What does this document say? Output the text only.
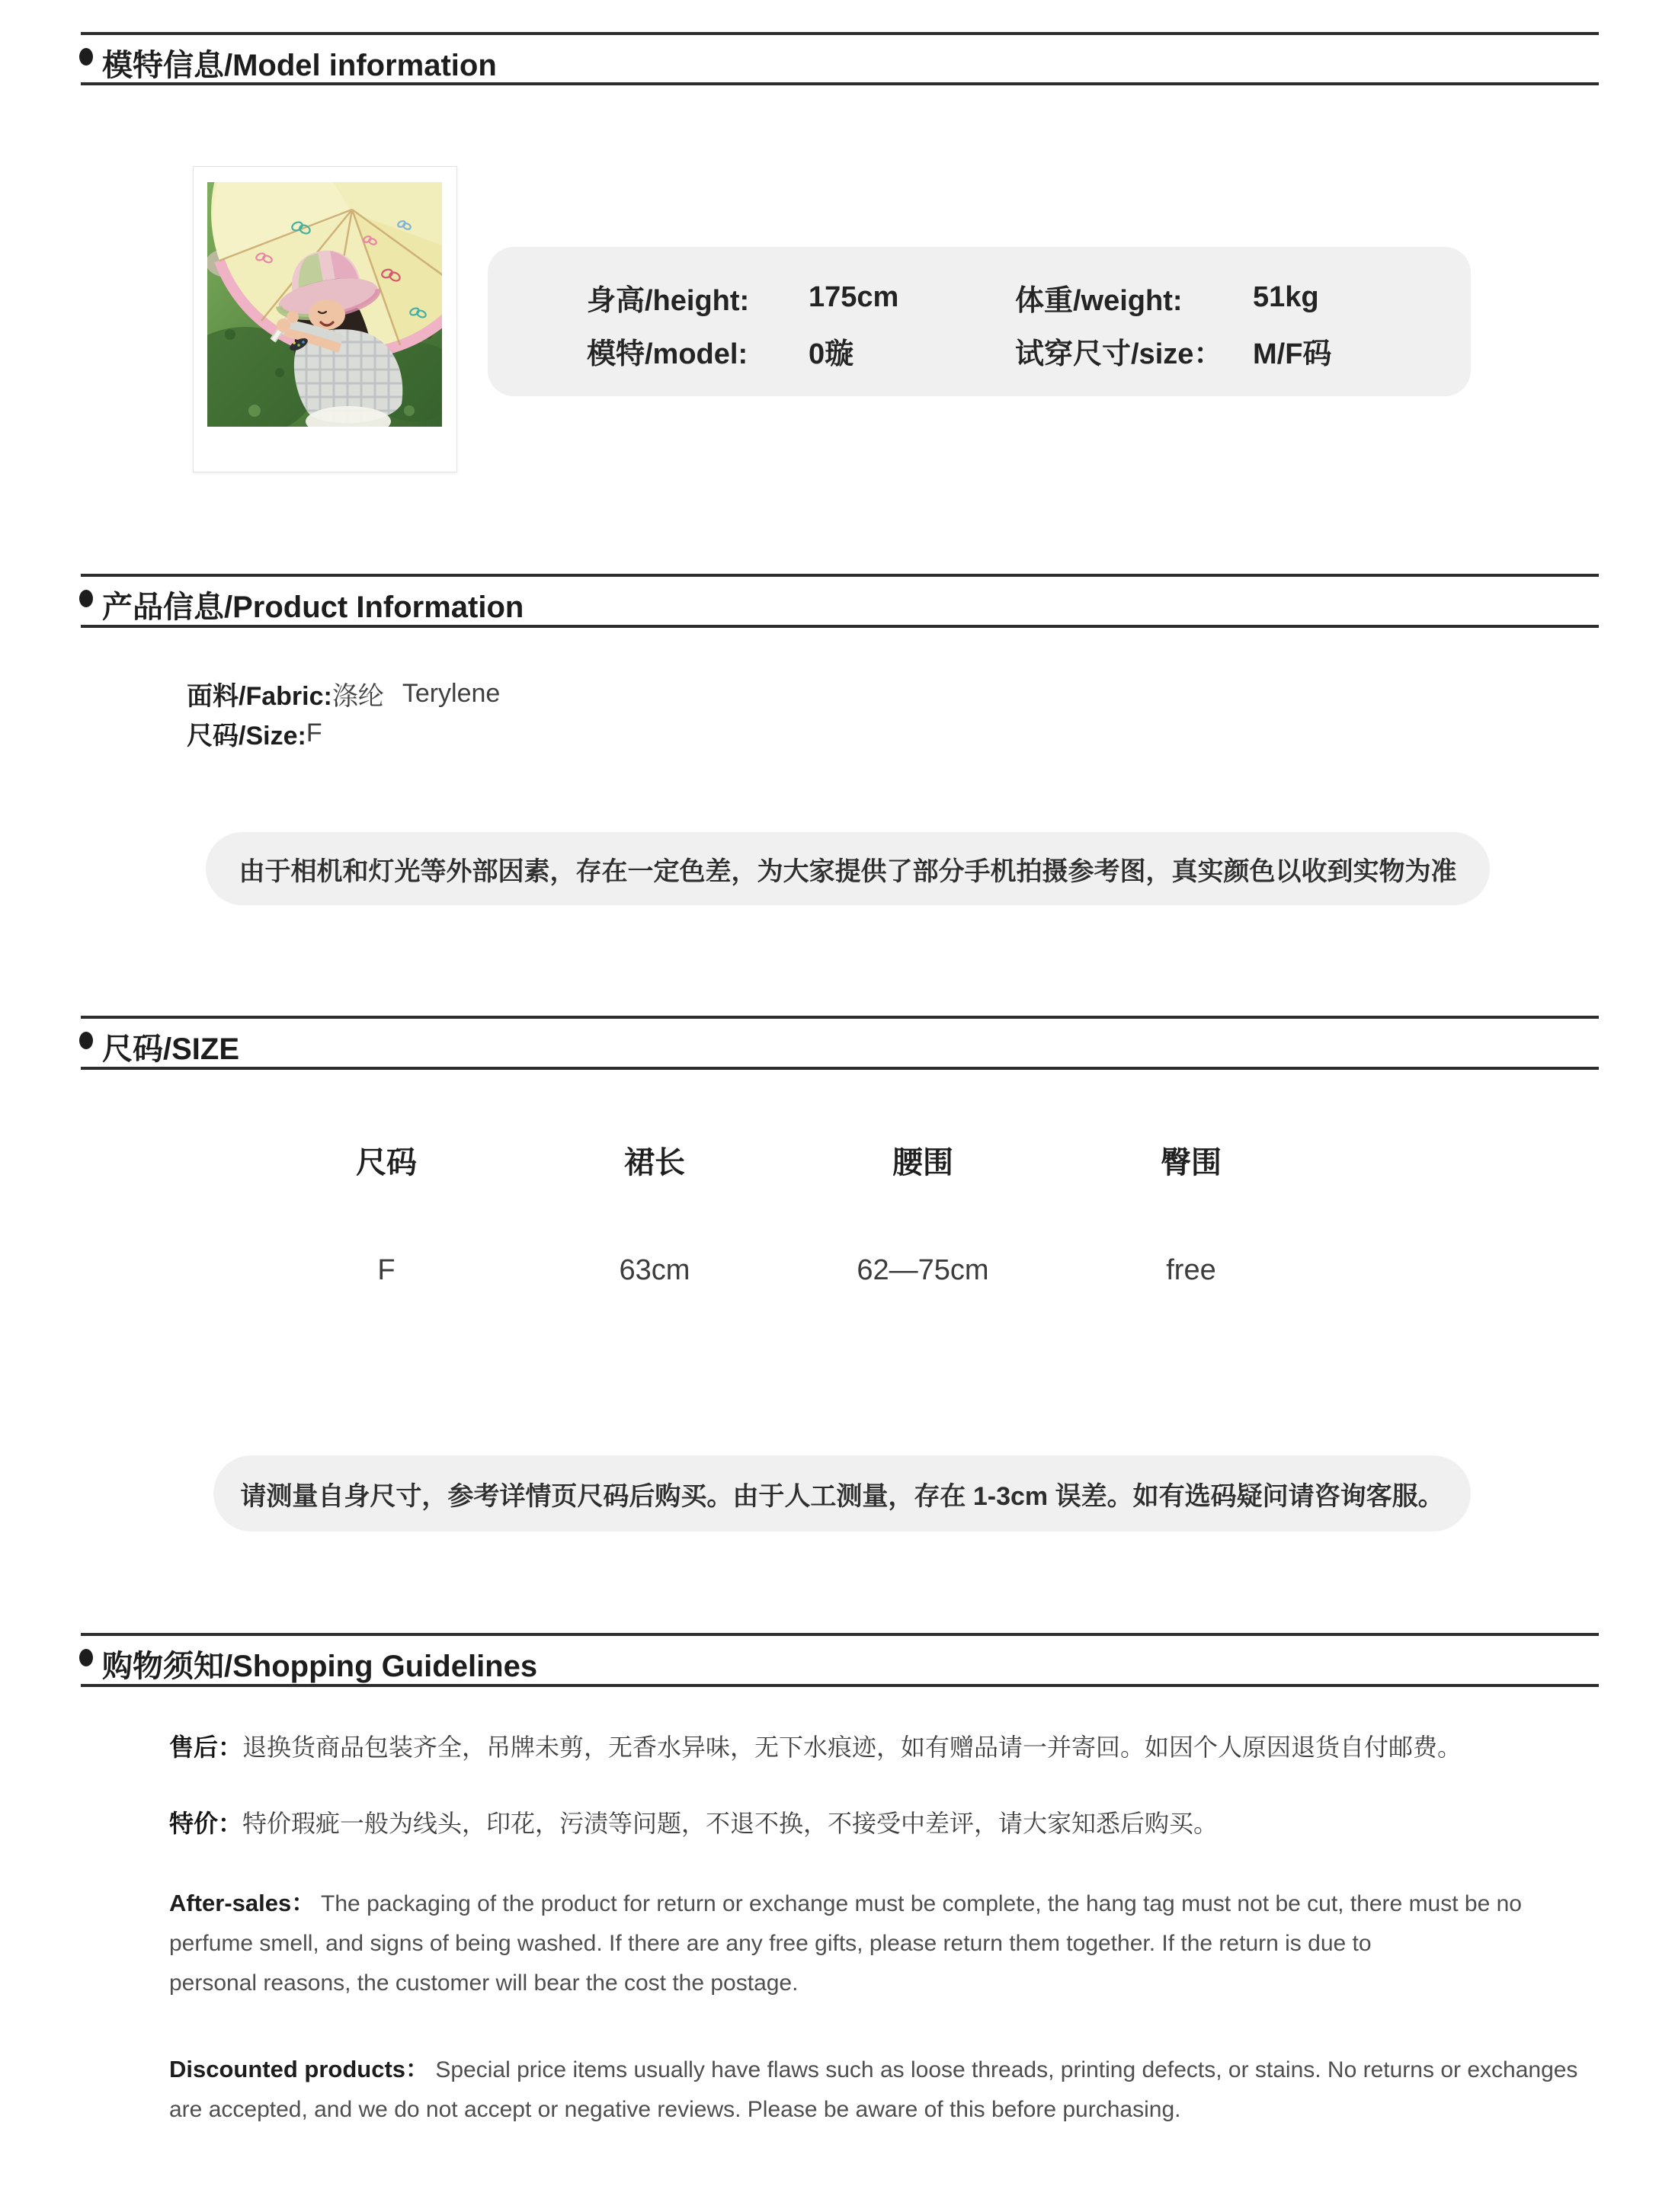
模特信息/Model information
身高/height:	175cm	体重/weight:	51kg
模特/model:	0璇	试穿尺寸/size：	M/F码
产品信息/Product Information
面料/Fabric: 涤纶 Terylene
尺码/Size: F
由于相机和灯光等外部因素，存在一定色差，为大家提供了部分手机拍摄参考图，真实颜色以收到实物为准
尺码/SIZE
尺码	裙长	腰围	臀围
F	63cm	62—75cm	free
请测量自身尺寸，参考详情页尺码后购买。由于人工测量，存在 1-3cm 误差。如有选码疑问请咨询客服。
购物须知/Shopping Guidelines
售后：退换货商品包装齐全，吊牌未剪，无香水异味，无下水痕迹，如有赠品请一并寄回。如因个人原因退货自付邮费。
特价：特价瑕疵一般为线头，印花，污渍等问题，不退不换，不接受中差评，请大家知悉后购买。
After-sales： The packaging of the product for return or exchange must be complete, the hang tag must not be cut, there must be no
perfume smell, and signs of being washed. If there are any free gifts, please return them together. If the return is due to
personal reasons, the customer will bear the cost the postage.
Discounted products： Special price items usually have flaws such as loose threads, printing defects, or stains. No returns or exchanges
are accepted, and we do not accept or negative reviews. Please be aware of this before purchasing.
